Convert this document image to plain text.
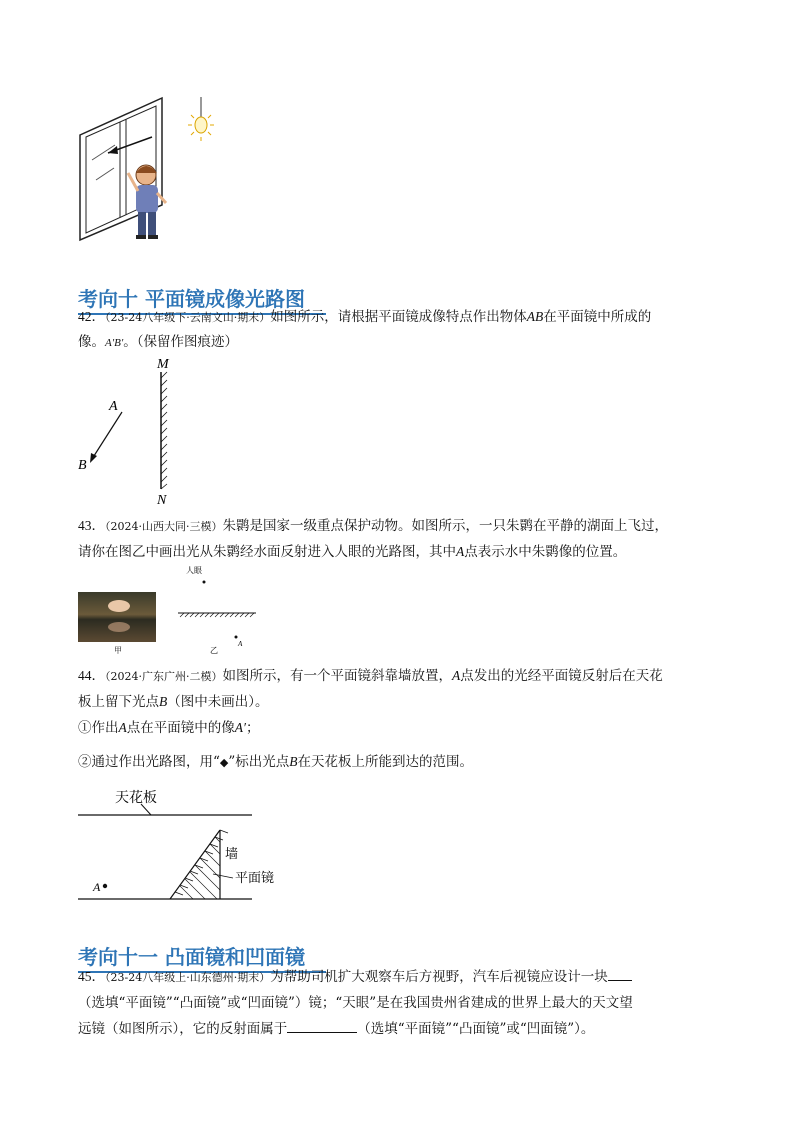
考向十 平面镜成像光路图
42．（23-24八年级下·云南文山·期末）如图所示，请根据平面镜成像特点作出物体AB在平面镜中所成的
像。A′B′。（保留作图痕迹）
M
N
A
B
43．（2024·山西大同·三模）朱鹮是国家一级重点保护动物。如图所示，一只朱鹮在平静的湖面上飞过，
请你在图乙中画出光从朱鹮经水面反射进入人眼的光路图，其中A点表示水中朱鹮像的位置。
甲
人眼
A
乙
44．（2024·广东广州·二模）如图所示，有一个平面镜斜靠墙放置，A点发出的光经平面镜反射后在天花
板上留下光点B（图中未画出）。
①作出A点在平面镜中的像A′；
②通过作出光路图，用“◆”标出光点B在天花板上所能到达的范围。
天花板
墙
平面镜
A
考向十一 凸面镜和凹面镜
45．（23-24八年级上·山东德州·期末）为帮助司机扩大观察车后方视野，汽车后视镜应设计一块
（选填“平面镜”“凸面镜”或“凹面镜”）镜；“天眼”是在我国贵州省建成的世界上最大的天文望
远镜（如图所示），它的反射面属于	（选填“平面镜”“凸面镜”或“凹面镜”）。
